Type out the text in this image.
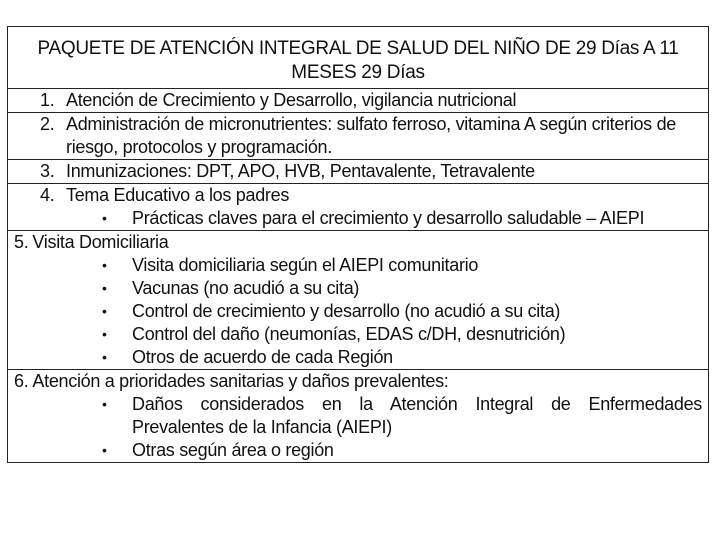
PAQUETE DE ATENCIÓN INTEGRAL DE SALUD DEL NIÑO DE 29 Días A 11
MESES 29 Días

1. Atención de Crecimiento y Desarrollo, vigilancia nutricional

2. Administración de micronutrientes: sulfato ferroso, vitamina A según criterios de riesgo, protocolos y programación.

3. Inmunizaciones: DPT, APO, HVB, Pentavalente, Tetravalente

4. Tema Educativo a los padres
•
Prácticas claves para el crecimiento y desarrollo saludable – AIEPI

5. Visita Domiciliaria
•
Visita domiciliaria según el AIEPI comunitario
•
Vacunas (no acudió a su cita)
•
Control de crecimiento y desarrollo (no acudió a su cita)
•
Control del daño (neumonías, EDAS c/DH, desnutrición)
•
Otros de acuerdo de cada Región

6. Atención a prioridades sanitarias y daños prevalentes:
•
Daños considerados en la Atención Integral de Enfermedades Prevalentes de la Infancia (AIEPI)
•
Otras según área o región
